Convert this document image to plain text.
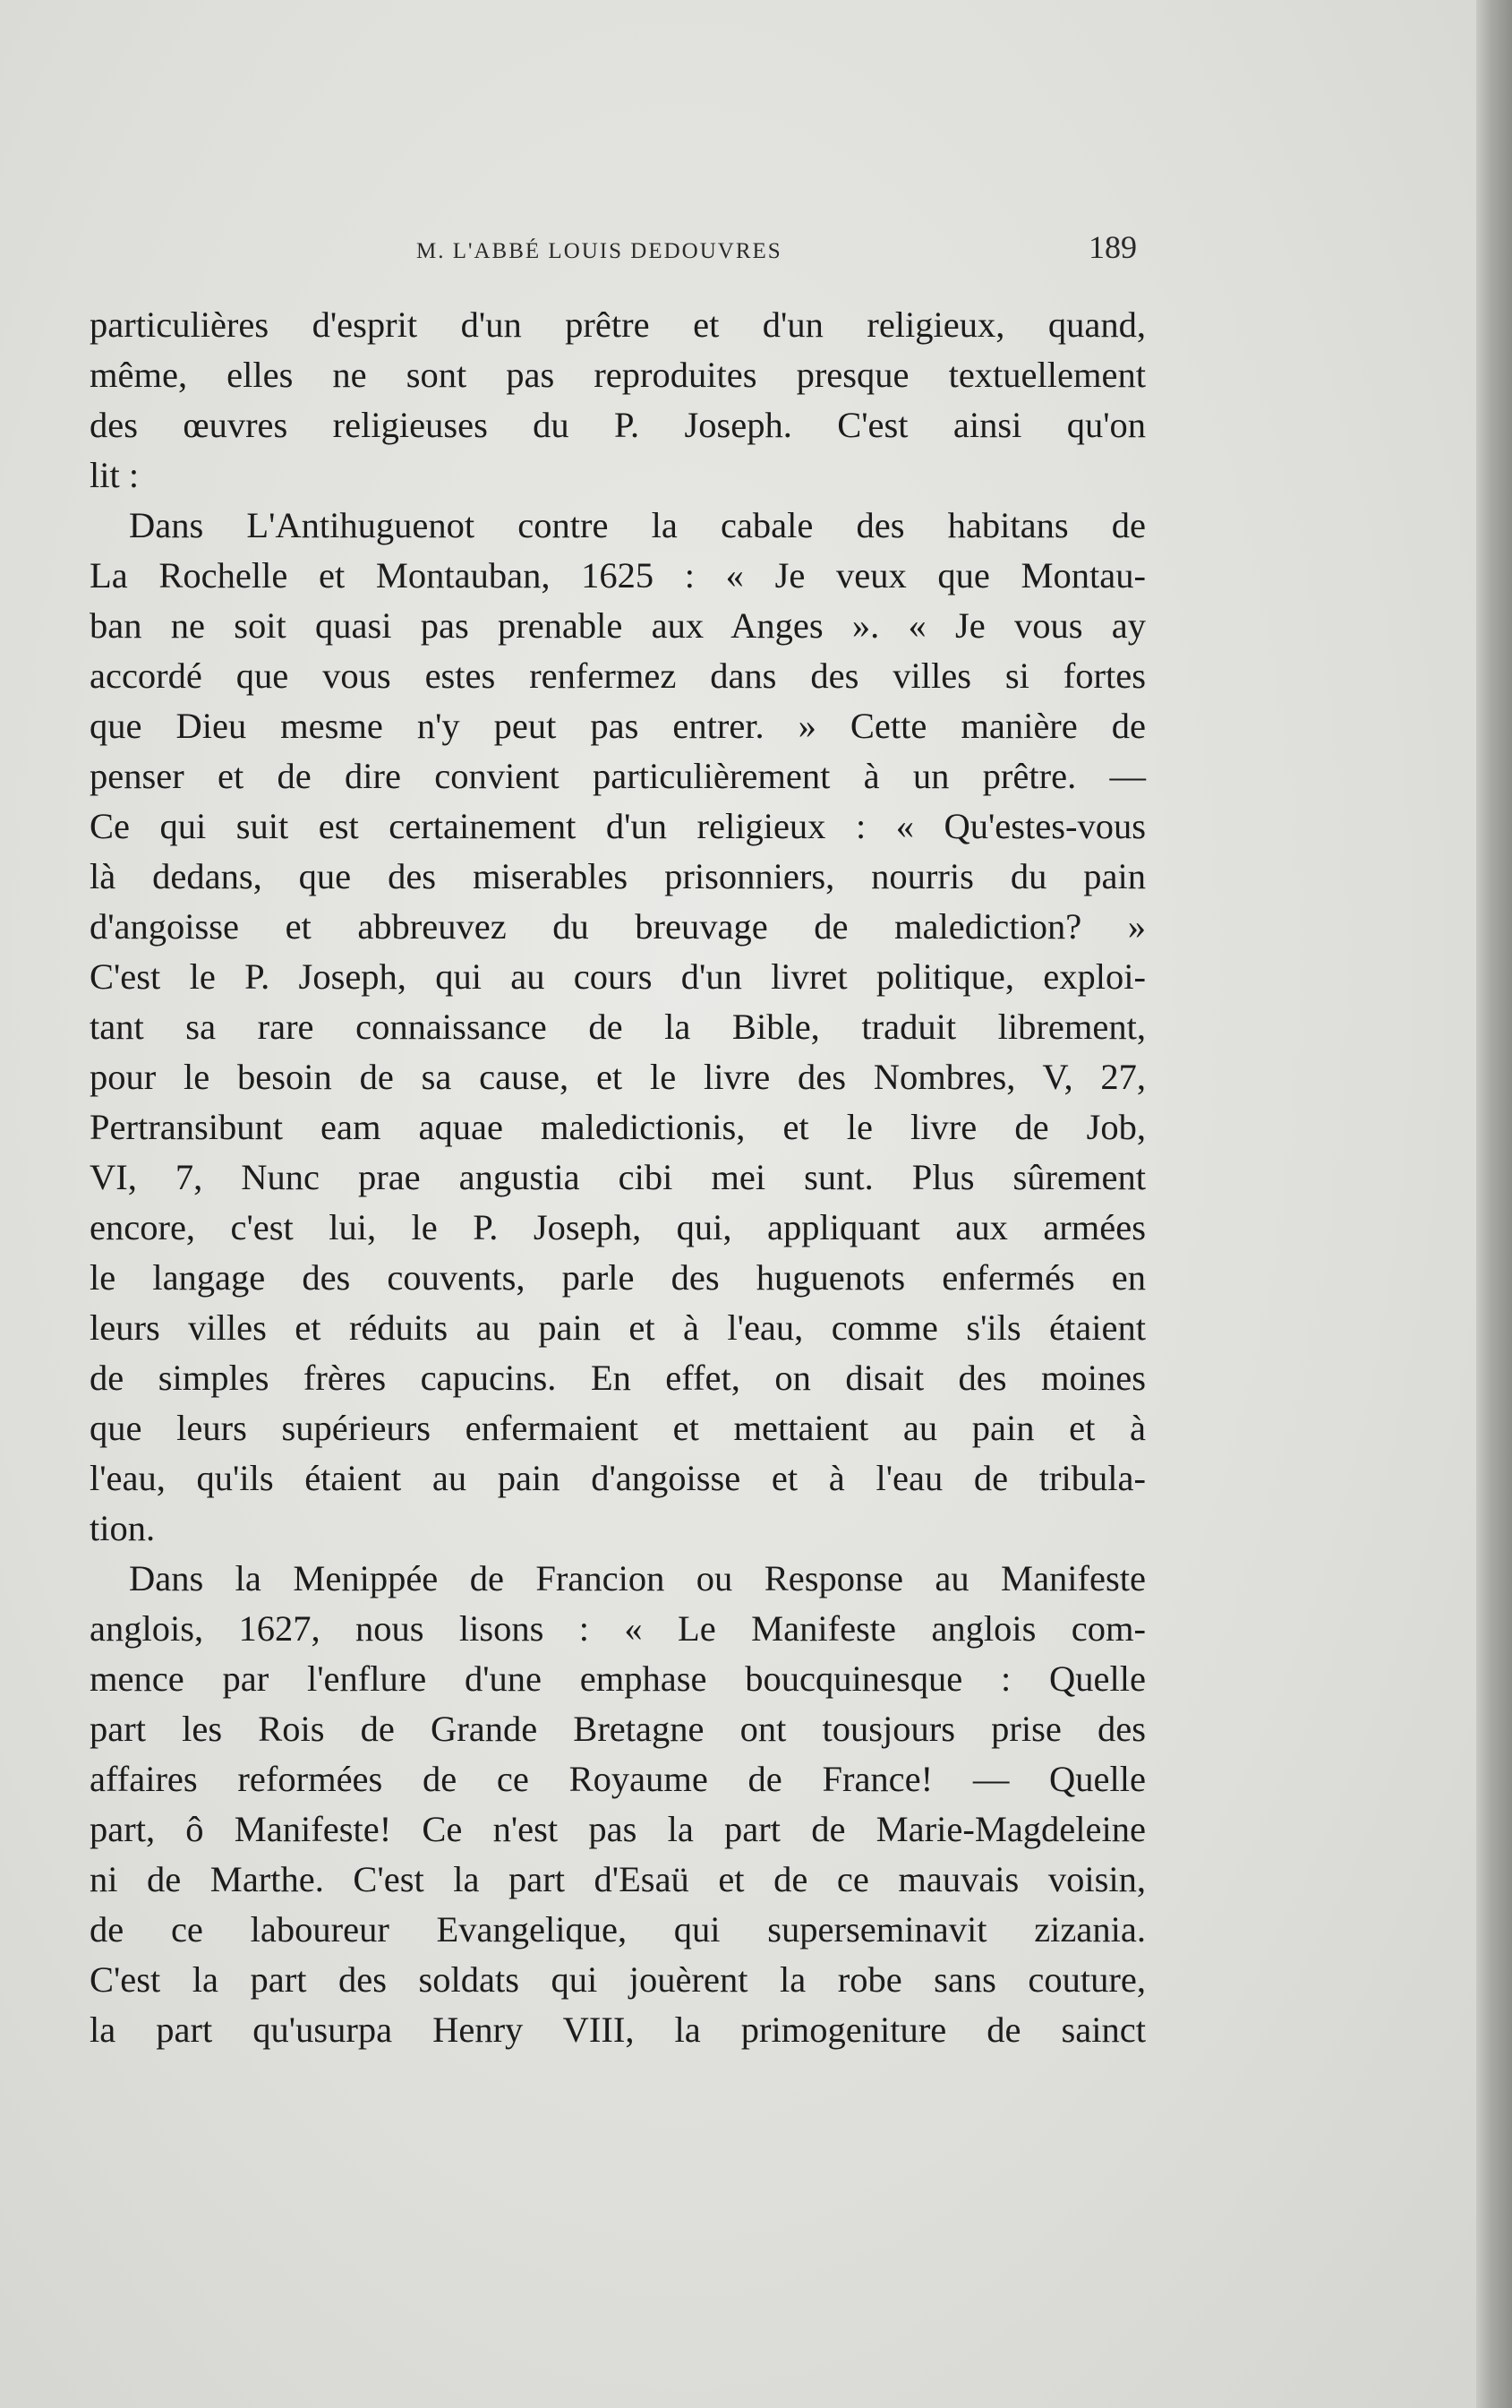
M. L'ABBÉ LOUIS DEDOUVRES	189
particulières d'esprit d'un prêtre et d'un religieux, quand,
même, elles ne sont pas reproduites presque textuellement
des œuvres religieuses du P. Joseph. C'est ainsi qu'on
lit :
Dans L'Antihuguenot contre la cabale des habitans de
La Rochelle et Montauban, 1625 : « Je veux que Montau-
ban ne soit quasi pas prenable aux Anges ». « Je vous ay
accordé que vous estes renfermez dans des villes si fortes
que Dieu mesme n'y peut pas entrer. » Cette manière de
penser et de dire convient particulièrement à un prêtre. —
Ce qui suit est certainement d'un religieux : « Qu'estes-vous
là dedans, que des miserables prisonniers, nourris du pain
d'angoisse et abbreuvez du breuvage de malediction? »
C'est le P. Joseph, qui au cours d'un livret politique, exploi-
tant sa rare connaissance de la Bible, traduit librement,
pour le besoin de sa cause, et le livre des Nombres, V, 27,
Pertransibunt eam aquae maledictionis, et le livre de Job,
VI, 7, Nunc prae angustia cibi mei sunt. Plus sûrement
encore, c'est lui, le P. Joseph, qui, appliquant aux armées
le langage des couvents, parle des huguenots enfermés en
leurs villes et réduits au pain et à l'eau, comme s'ils étaient
de simples frères capucins. En effet, on disait des moines
que leurs supérieurs enfermaient et mettaient au pain et à
l'eau, qu'ils étaient au pain d'angoisse et à l'eau de tribula-
tion.
Dans la Menippée de Francion ou Response au Manifeste
anglois, 1627, nous lisons : « Le Manifeste anglois com-
mence par l'enflure d'une emphase boucquinesque : Quelle
part les Rois de Grande Bretagne ont tousjours prise des
affaires reformées de ce Royaume de France! — Quelle
part, ô Manifeste! Ce n'est pas la part de Marie-Magdeleine
ni de Marthe. C'est la part d'Esaü et de ce mauvais voisin,
de ce laboureur Evangelique, qui superseminavit zizania.
C'est la part des soldats qui jouèrent la robe sans couture,
la part qu'usurpa Henry VIII, la primogeniture de sainct
